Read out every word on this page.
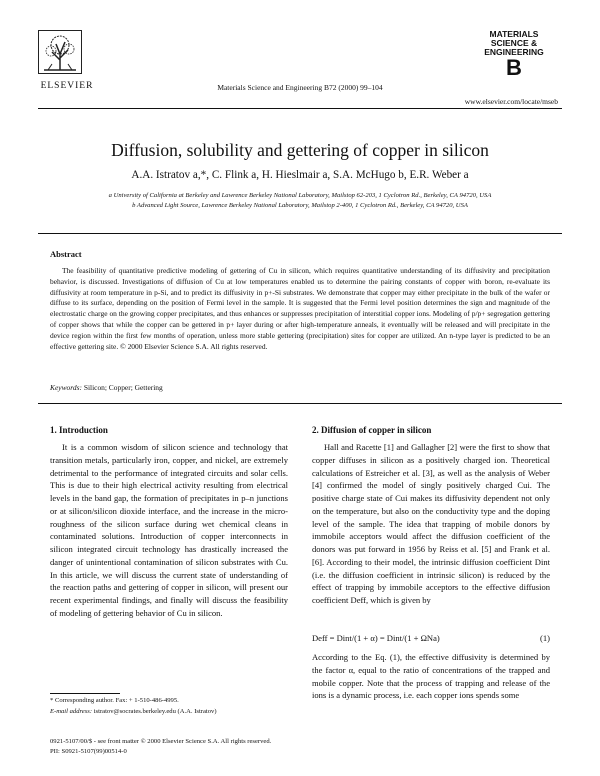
ELSEVIER	Materials Science and Engineering B72 (2000) 99–104
MATERIALS
SCIENCE &
ENGINEERING
B
www.elsevier.com/locate/mseb
Diffusion, solubility and gettering of copper in silicon
A.A. Istratov a,*, C. Flink a, H. Hieslmair a, S.A. McHugo b, E.R. Weber a
a University of California at Berkeley and Lawrence Berkeley National Laboratory, Mailstop 62-203, 1 Cyclotron Rd., Berkeley, CA 94720, USA
b Advanced Light Source, Lawrence Berkeley National Laboratory, Mailstop 2-400, 1 Cyclotron Rd., Berkeley, CA 94720, USA
Abstract
The feasibility of quantitative predictive modeling of gettering of Cu in silicon, which requires quantitative understanding of its diffusivity and precipitation behavior, is discussed. Investigations of diffusion of Cu at low temperatures enabled us to determine the pairing constants of copper with boron, re-evaluate its diffusivity at room temperature in p-Si, and to predict its diffusivity in p+-Si substrates. We demonstrate that copper may either precipitate in the bulk of the wafer or diffuse to its surface, depending on the position of Fermi level in the sample. It is suggested that the Fermi level position determines the sign and magnitude of the electrostatic charge on the growing copper precipitates, and thus enhances or suppresses precipitation of interstitial copper ions. Modeling of p/p+ segregation gettering of copper shows that while the copper can be gettered in p+ layer during or after high-temperature anneals, it eventually will be released and will precipitate in the device region within the first few months of operation, unless more stable gettering (precipitation) sites for copper are utilized. An n-type layer is predicted to be an effective gettering site. © 2000 Elsevier Science S.A. All rights reserved.
Keywords: Silicon; Copper; Gettering
1. Introduction

It is a common wisdom of silicon science and technology that transition metals, particularly iron, copper, and nickel, are extremely detrimental to the performance of integrated circuits and solar cells. This is due to their high electrical activity resulting from electrical levels in the band gap, the formation of precipitates in p–n junctions or at silicon/silicon dioxide interface, and the increase in the micro-roughness of the silicon surface during wet chemical cleans in contaminated solutions. Introduction of copper interconnects in silicon integrated circuit technology has drastically increased the danger of unintentional contamination of silicon substrates with Cu. In this article, we will discuss the current state of understanding of the reaction paths and gettering of copper in silicon, will present our recent experimental findings, and finally will discuss the feasibility of modeling of gettering behavior of Cu in silicon.

2. Diffusion of copper in silicon

Hall and Racette [1] and Gallagher [2] were the first to show that copper diffuses in silicon as a positively charged ion. Theoretical calculations of Estreicher et al. [3], as well as the analysis of Weber [4] confirmed the model of singly positively charged Cui. The positive charge state of Cui makes its diffusivity dependent not only on the temperature, but also on the conductivity type and the doping level of the sample. The idea that trapping of mobile donors by immobile acceptors would affect the diffusion coefficient of the donors was put forward in 1956 by Reiss et al. [5] and Frank et al. [6]. According to their model, the intrinsic diffusion coefficient Dint (i.e. the diffusion coefficient in intrinsic silicon) is reduced by the effect of trapping by immobile acceptors to the effective diffusion coefficient Deff, which is given by

Deff = Dint/(1 + α) = Dint/(1 + ΩNa)	(1)
According to the Eq. (1), the effective diffusivity is determined by the factor α, equal to the ratio of concentrations of the trapped and mobile copper. Note that the process of trapping and release of the ions is a dynamic process, i.e. each copper ions spends some
* Corresponding author. Fax: + 1-510-486-4995.
E-mail address: istratov@socrates.berkeley.edu (A.A. Istratov)
0921-5107/00/$ - see front matter © 2000 Elsevier Science S.A. All rights reserved.
PII: S0921-5107(99)00514-0
